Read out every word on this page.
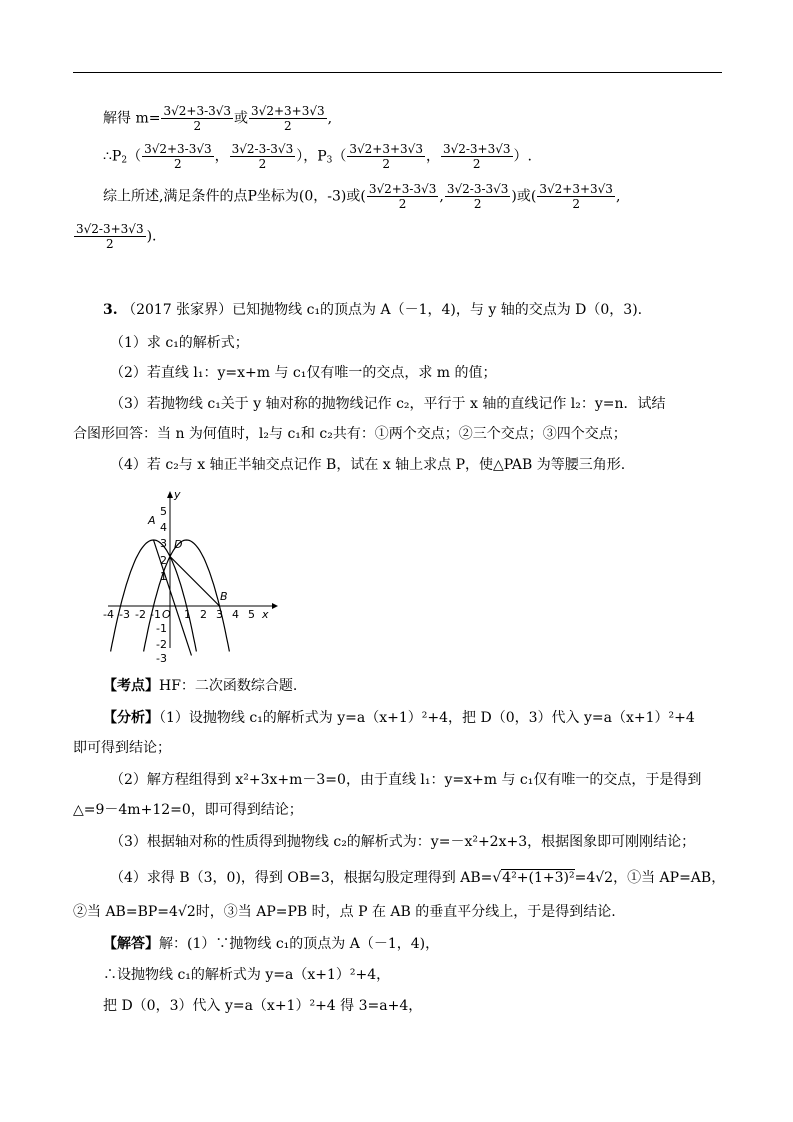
解得 $m= \frac{3√2+3-3√3}{2}$ 或 $\frac{3√2+3+3√3}{2}$ ,
$\therefore P_2( \frac{3√2+3-3√3}{2}$ ， $\frac{3√2-3-3√3}{2}$ ），$P_3( \frac{3√2+3+3√3}{2}$ ， $\frac{3√2-3+3√3}{2}$ ）.
综上所述,满足条件的点P坐标为(0，-3)或( $\frac{3√2+3-3√3}{2}$ , $\frac{3√2-3-3√3}{2}$ )或( $\frac{3√2+3+3√3}{2}$ ,
$\frac{3√2-3+3√3}{2}$ ).
3. （2017 张家界）已知抛物线 c₁的顶点为 A（－1，4)，与 y 轴的交点为 D（0，3).
（1）求 c₁的解析式；
（2）若直线 l₁：y=x+m 与 c₁仅有唯一的交点，求 m 的值；
（3）若抛物线 c₁关于 y 轴对称的抛物线记作 c₂，平行于 x 轴的直线记作 l₂：y=n．试结
合图形回答：当 n 为何值时，l₂与 c₁和 c₂共有：①两个交点；②三个交点；③四个交点；
（4）若 c₂与 x 轴正半轴交点记作 B，试在 x 轴上求点 P，使△PAB 为等腰三角形.
-4 -3 -2 -1 1 2 3 4 5 x
5
4
3
2
1
-1
-2
-3
y
O
A
D
B
【考点】HF：二次函数综合题.
【分析】（1）设抛物线 c₁的解析式为 y=a（x+1）²+4，把 D（0，3）代入 y=a（x+1）²+4
即可得到结论；
（2）解方程组得到 x²+3x+m－3=0，由于直线 l₁：y=x+m 与 c₁仅有唯一的交点，于是得到
△=9－4m+12=0，即可得到结论；
（3）根据轴对称的性质得到抛物线 c₂的解析式为：y=－x²+2x+3，根据图象即可刚刚结论；
（4）求得 B（3，0)，得到 OB=3，根据勾股定理得到 AB=√4²+(1+3)²=4√2，①当 AP=AB，
②当 AB=BP=4√2时，③当 AP=PB 时，点 P 在 AB 的垂直平分线上，于是得到结论.
【解答】解：(1）∵抛物线 c₁的顶点为 A（－1，4)，
∴设抛物线 c₁的解析式为 y=a（x+1）²+4，
把 D（0，3）代入 y=a（x+1）²+4 得 3=a+4，
